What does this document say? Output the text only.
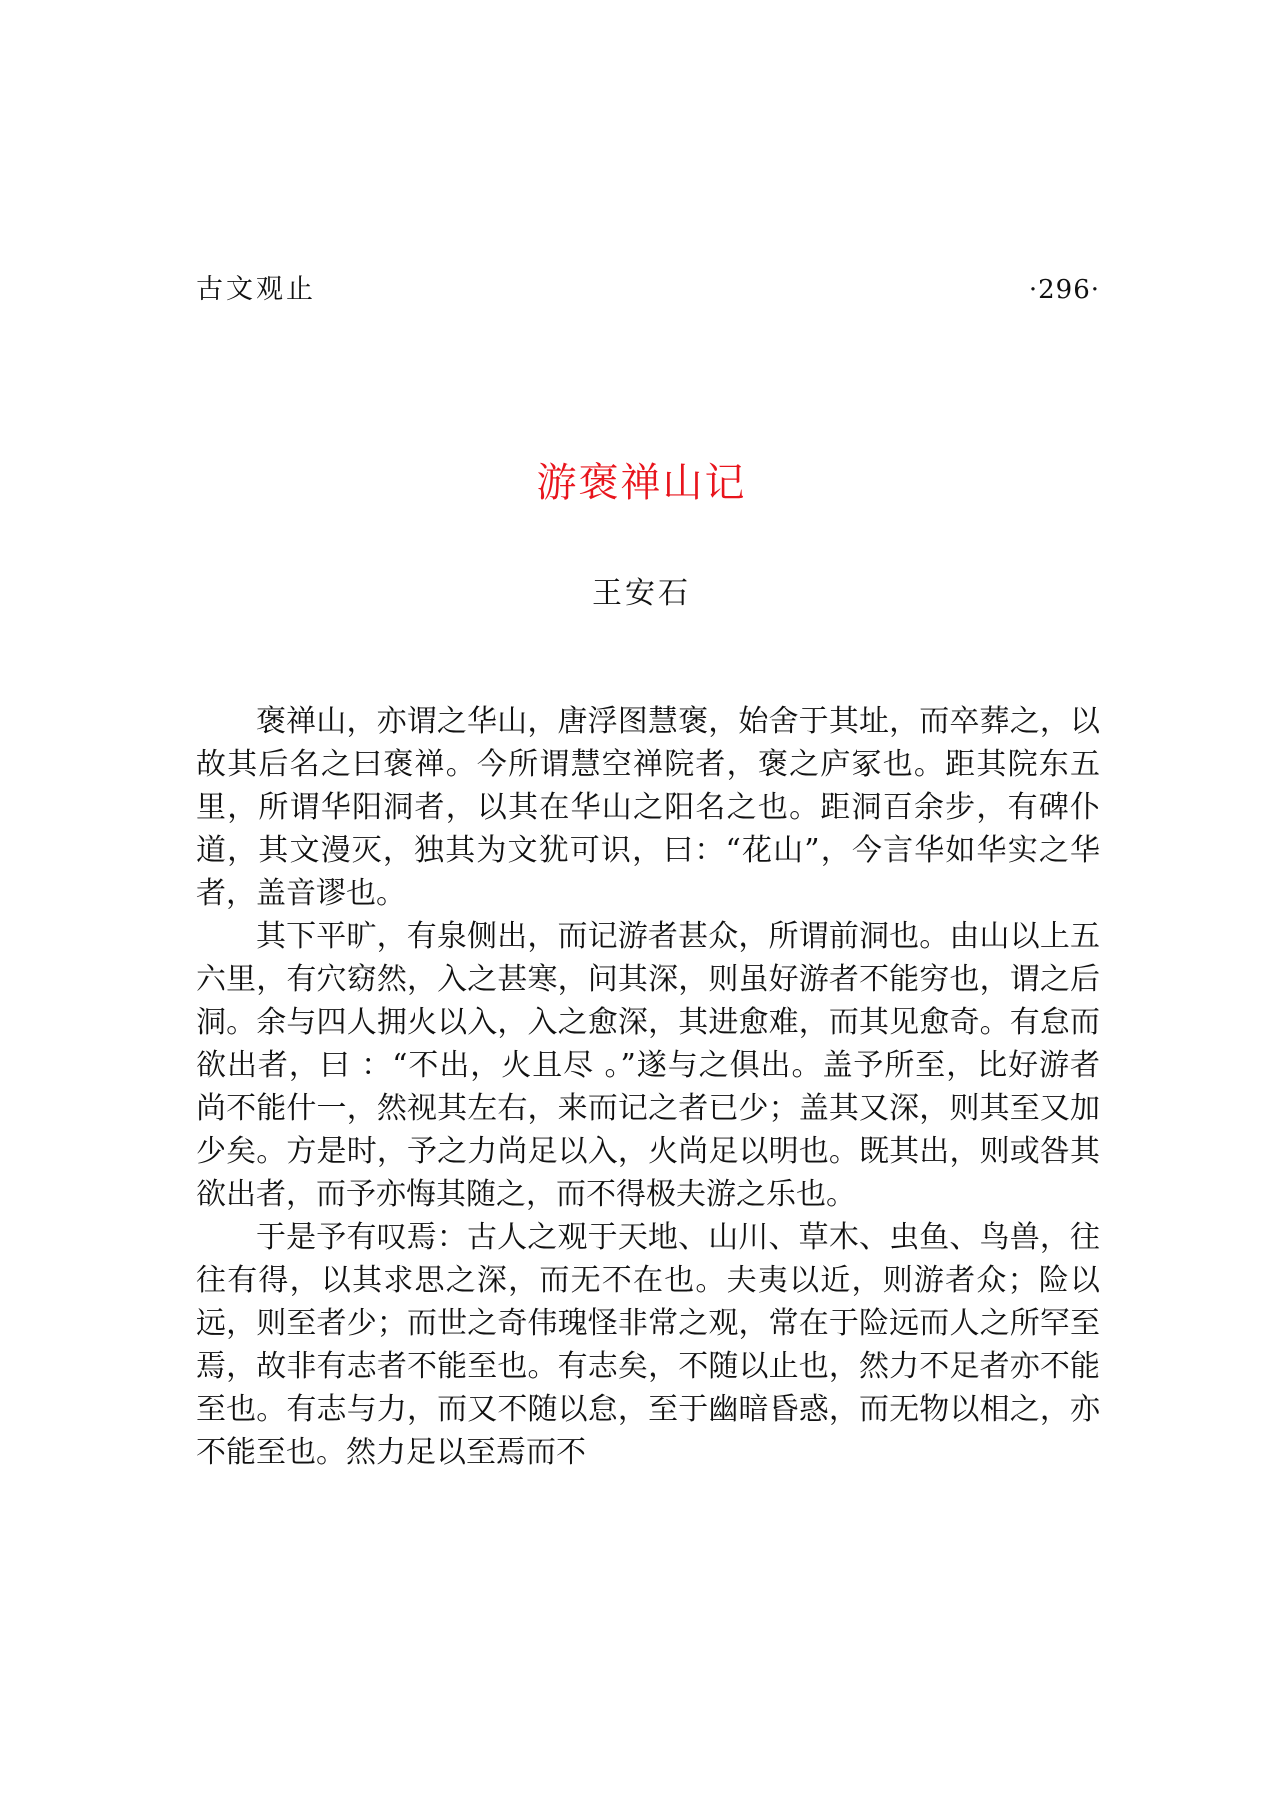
古文观止	·296·
游褒禅山记
王安石

褒禅山，亦谓之华山，唐浮图慧褒，始舍于其址，而卒葬之，以故其后名之曰褒禅。今所谓慧空禅院者，褒之庐冢也。距其院东五里，所谓华阳洞者，以其在华山之阳名之也。距洞百余步，有碑仆道，其文漫灭，独其为文犹可识，曰：“花山”，今言华如华实之华者，盖音谬也。

其下平旷，有泉侧出，而记游者甚众，所谓前洞也。由山以上五六里，有穴窈然，入之甚寒，问其深，则虽好游者不能穷也，谓之后洞。余与四人拥火以入，入之愈深，其进愈难，而其见愈奇。有怠而欲出者，曰 ：“不出，火且尽 。”遂与之俱出。盖予所至，比好游者尚不能什一，然视其左右，来而记之者已少；盖其又深，则其至又加少矣。方是时，予之力尚足以入，火尚足以明也。既其出，则或咎其欲出者，而予亦悔其随之，而不得极夫游之乐也。

于是予有叹焉：古人之观于天地、山川、草木、虫鱼、鸟兽，往往有得，以其求思之深，而无不在也。夫夷以近，则游者众；险以远，则至者少；而世之奇伟瑰怪非常之观，常在于险远而人之所罕至焉，故非有志者不能至也。有志矣，不随以止也，然力不足者亦不能至也。有志与力，而又不随以怠，至于幽暗昏惑，而无物以相之，亦不能至也。然力足以至焉而不
